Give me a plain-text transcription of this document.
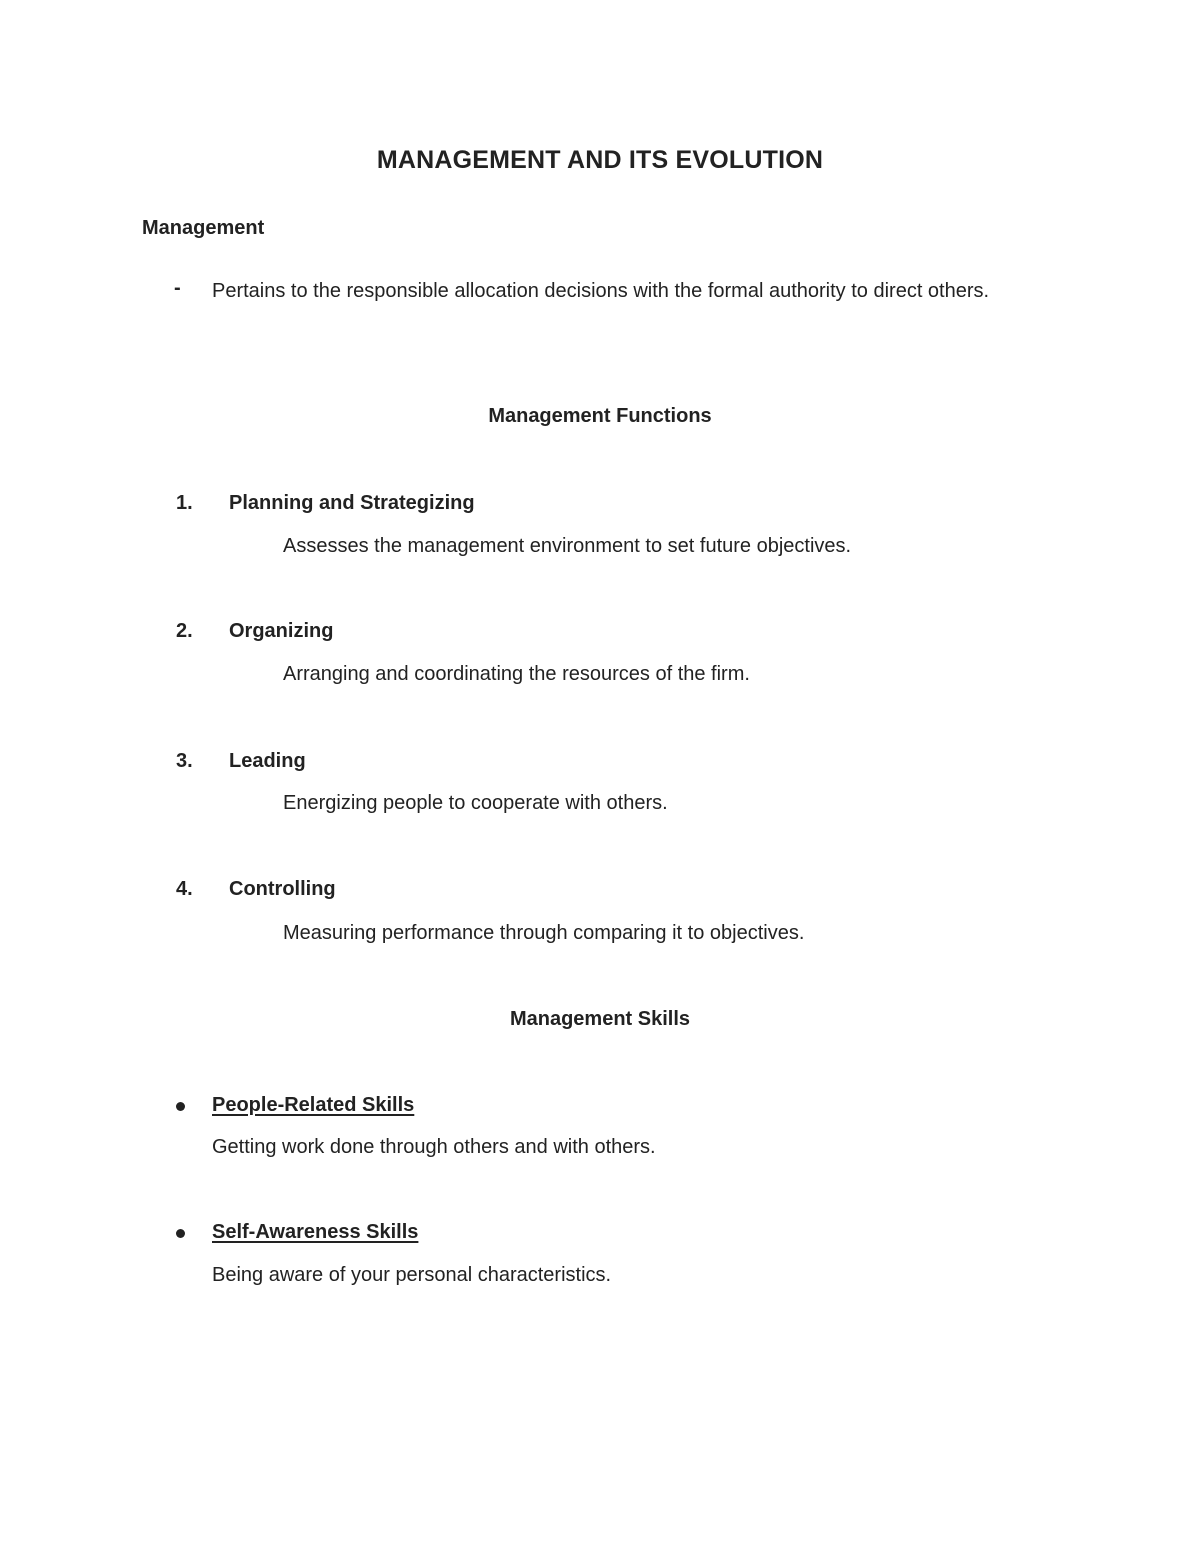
MANAGEMENT AND ITS EVOLUTION
Management
- Pertains to the responsible allocation decisions with the formal authority to direct others.
Management Functions
1. Planning and Strategizing
Assesses the management environment to set future objectives.
2. Organizing
Arranging and coordinating the resources of the firm.
3. Leading
Energizing people to cooperate with others.
4. Controlling
Measuring performance through comparing it to objectives.
Management Skills
People-Related Skills
Getting work done through others and with others.
Self-Awareness Skills
Being aware of your personal characteristics.
